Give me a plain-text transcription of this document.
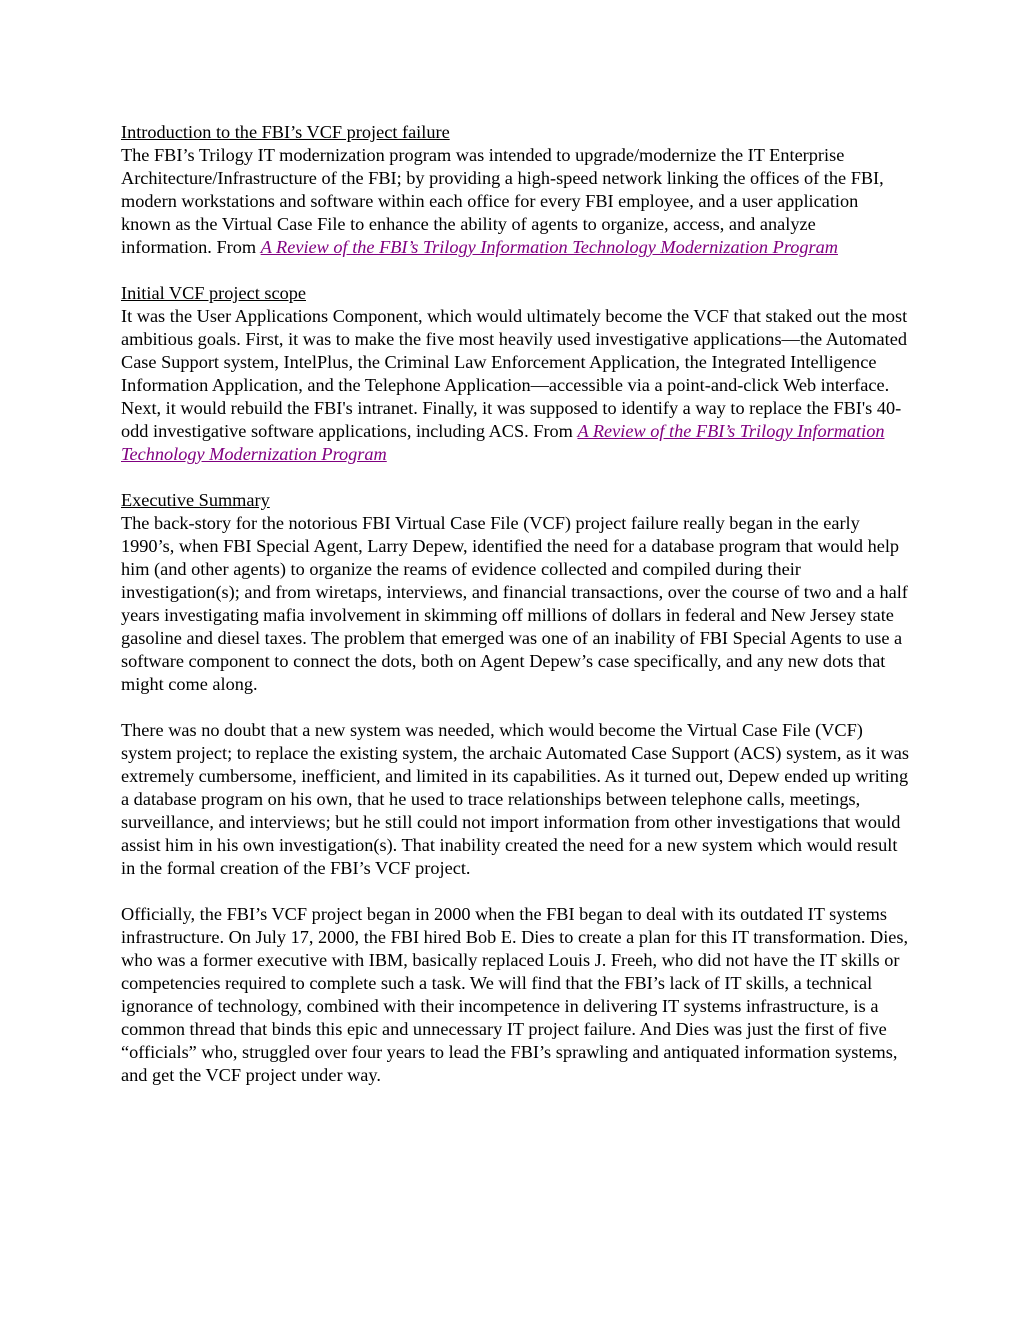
Introduction to the FBI’s VCF project failure
The FBI’s Trilogy IT modernization program was intended to upgrade/modernize the IT Enterprise Architecture/Infrastructure of the FBI; by providing a high-speed network linking the offices of the FBI, modern workstations and software within each office for every FBI employee, and a user application known as the Virtual Case File to enhance the ability of agents to organize, access, and analyze information. From A Review of the FBI’s Trilogy Information Technology Modernization Program
Initial VCF project scope
It was the User Applications Component, which would ultimately become the VCF that staked out the most ambitious goals. First, it was to make the five most heavily used investigative applications—the Automated Case Support system, IntelPlus, the Criminal Law Enforcement Application, the Integrated Intelligence Information Application, and the Telephone Application—accessible via a point-and-click Web interface. Next, it would rebuild the FBI's intranet. Finally, it was supposed to identify a way to replace the FBI's 40-odd investigative software applications, including ACS. From A Review of the FBI’s Trilogy Information Technology Modernization Program
Executive Summary

The back-story for the notorious FBI Virtual Case File (VCF) project failure really began in the early 1990’s, when FBI Special Agent, Larry Depew, identified the need for a database program that would help him (and other agents) to organize the reams of evidence collected and compiled during their investigation(s); and from wiretaps, interviews, and financial transactions, over the course of two and a half years investigating mafia involvement in skimming off millions of dollars in federal and New Jersey state gasoline and diesel taxes. The problem that emerged was one of an inability of FBI Special Agents to use a software component to connect the dots, both on Agent Depew’s case specifically, and any new dots that might come along.

There was no doubt that a new system was needed, which would become the Virtual Case File (VCF) system project; to replace the existing system, the archaic Automated Case Support (ACS) system, as it was extremely cumbersome, inefficient, and limited in its capabilities. As it turned out, Depew ended up writing a database program on his own, that he used to trace relationships between telephone calls, meetings, surveillance, and interviews; but he still could not import information from other investigations that would assist him in his own investigation(s). That inability created the need for a new system which would result in the formal creation of the FBI’s VCF project.

Officially, the FBI’s VCF project began in 2000 when the FBI began to deal with its outdated IT systems infrastructure. On July 17, 2000, the FBI hired Bob E. Dies to create a plan for this IT transformation. Dies, who was a former executive with IBM, basically replaced Louis J. Freeh, who did not have the IT skills or competencies required to complete such a task. We will find that the FBI’s lack of IT skills, a technical ignorance of technology, combined with their incompetence in delivering IT systems infrastructure, is a common thread that binds this epic and unnecessary IT project failure. And Dies was just the first of five “officials” who, struggled over four years to lead the FBI’s sprawling and antiquated information systems, and get the VCF project under way.
